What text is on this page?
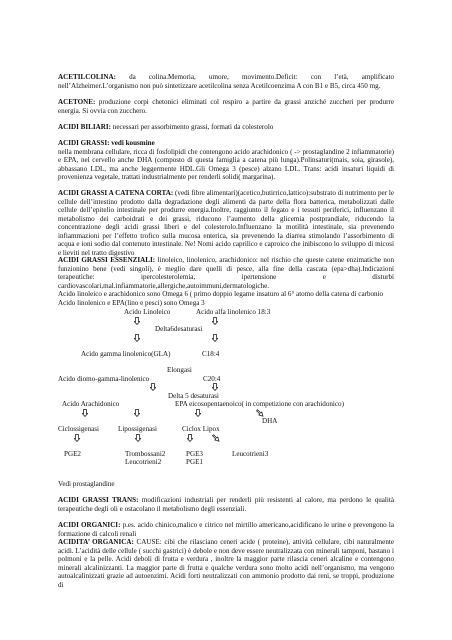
ACETILCOLINA: da colina.Memoria, umore, movimento.Deficit: con l’età, amplificato nell’Alzheimer.L’organismo non può sintetizzare acetilcolina senza Acetilcoenzima A con B1 e B5, circa 450 mg.

ACETONE: produzione corpi chetonici eliminati col respiro a partire da grassi anziché zuccheri per produrre energia. Si ovvia con zucchero.

ACIDI BILIARI: necessari per assorbimento grassi, formati da colesterolo

ACIDI GRASSI: vedi kousmine
nella membrana cellulare, ricca di fosfolipidi che contengono acido arachidonico ( -> prostaglandine 2 infiammatorie) e EPA, nel cervello anche DHA (composto di questa famiglia a catena più lunga).Polinsaturi(mais, soia, girasole), abbassano LDL, ma anche leggermente HDL.Gli Omega 3 (pesce) alzano LDL. Trans: acidi insaturi liquidi di provenienza vegetale, trattati industrialmente per renderli solidi( margarina).

ACIDI GRASSI A CATENA CORTA: (vedi fibre alimentari)(acetico,butirrico,lattico):substrato di nutrimento per le cellule dell’intestino prodotto dalla degradazione degli alimenti da parte della flora batterica, metabolizzati dalle cellule dell’epitelio intestinale per produrre energia.Inoltre, raggiunto il fegato e i tessuti periferici, influenzano il metabolismo dei carboidrati e dei grassi, riducono l’aumento della glicemia postprandiale, riducendo la concentrazione degli acidi grassi liberi e del colesterolo.Influenzano la motilità intestinale, sia prevenendo infiammazioni per l’effetto trofico sulla mucosa enterica, sia prevenendo la diarrea stimolando l’assorbimento di acqua e ioni sodio dal contenuto intestinale. Ne! Nomi acido caprilico e caproico che inibiscono lo sviluppo di micosi e lieviti nel tratto digestivo

ACIDI GRASSI ESSENZIALI: linoleico, linolenico, arachidonico: nel rischio che queste catene enzimatiche non funzionino bene (vedi singoli), è meglio dare quelli di pesce, alla fine della cascata (epa>dha).Indicazioni terapeutiche: ipercolesterolemia, ipertensione e disturbi cardiovascolari,mal.infiammatorie,allergiche,autoimmuni,dermatologiche.
Acido linoleico e arachidonico sono Omega 6 ( primo doppio legame insaturo al 6° atomo della catena di carbonio
Acido linolenico e EPA(lino e pesci) sono Omega 3

Acido Linoleico	Acido alfa linolenico 18:3
Delta6desaturasi
Acido gamma linolenico(GLA)	C18:4
Elongasi
Acido diomo-gamma-linolenico	C20:4
Delta 5 desaturasi
Acido Arachidonico	EPA eicosopentaenoico( in competizione con arachidonico)
DHA
Ciclossigenasi	Lipossigenasi	Ciclox Lipox
PGE2	Trombossani2	PGE3	Leucotrieni3
Leucotrieni2	PGE1
Vedi prostaglandine

ACIDI GRASSI TRANS: modificazioni industriali per renderli più resistenti al calore, ma perdono le qualità terapeutiche degli oli e ostacolano il metabolismo degli essenziali.

ACIDI ORGANICI: p.es. acido chinico,malico e citrico nel mirtillo americano,acidificano le urine e prevengono la formazione di calcoli renali

ACIDITA’ ORGANICA: CAUSE: cibi che rilasciano ceneri acide ( proteine), attività cellulare, cibi naturalmente acidi. L’acidità delle cellule ( succhi gastrici) è debole e non deve essere neutralizzata con minerali tamponi, bastano i polmoni e la pelle. Acidi deboli di frutta e verdura , inoltre la maggior parte rilascia ceneri alcaline e contengono minerali alcalinizzanti. La maggior parte di frutta e qualche verdura sono molto acidi nell’organismo, ma vengono autoalcalinizzati grazie ad autoenzimi. Acidi forti neutralizzati con ammonio prodotto dai reni, se troppi, produzione di
